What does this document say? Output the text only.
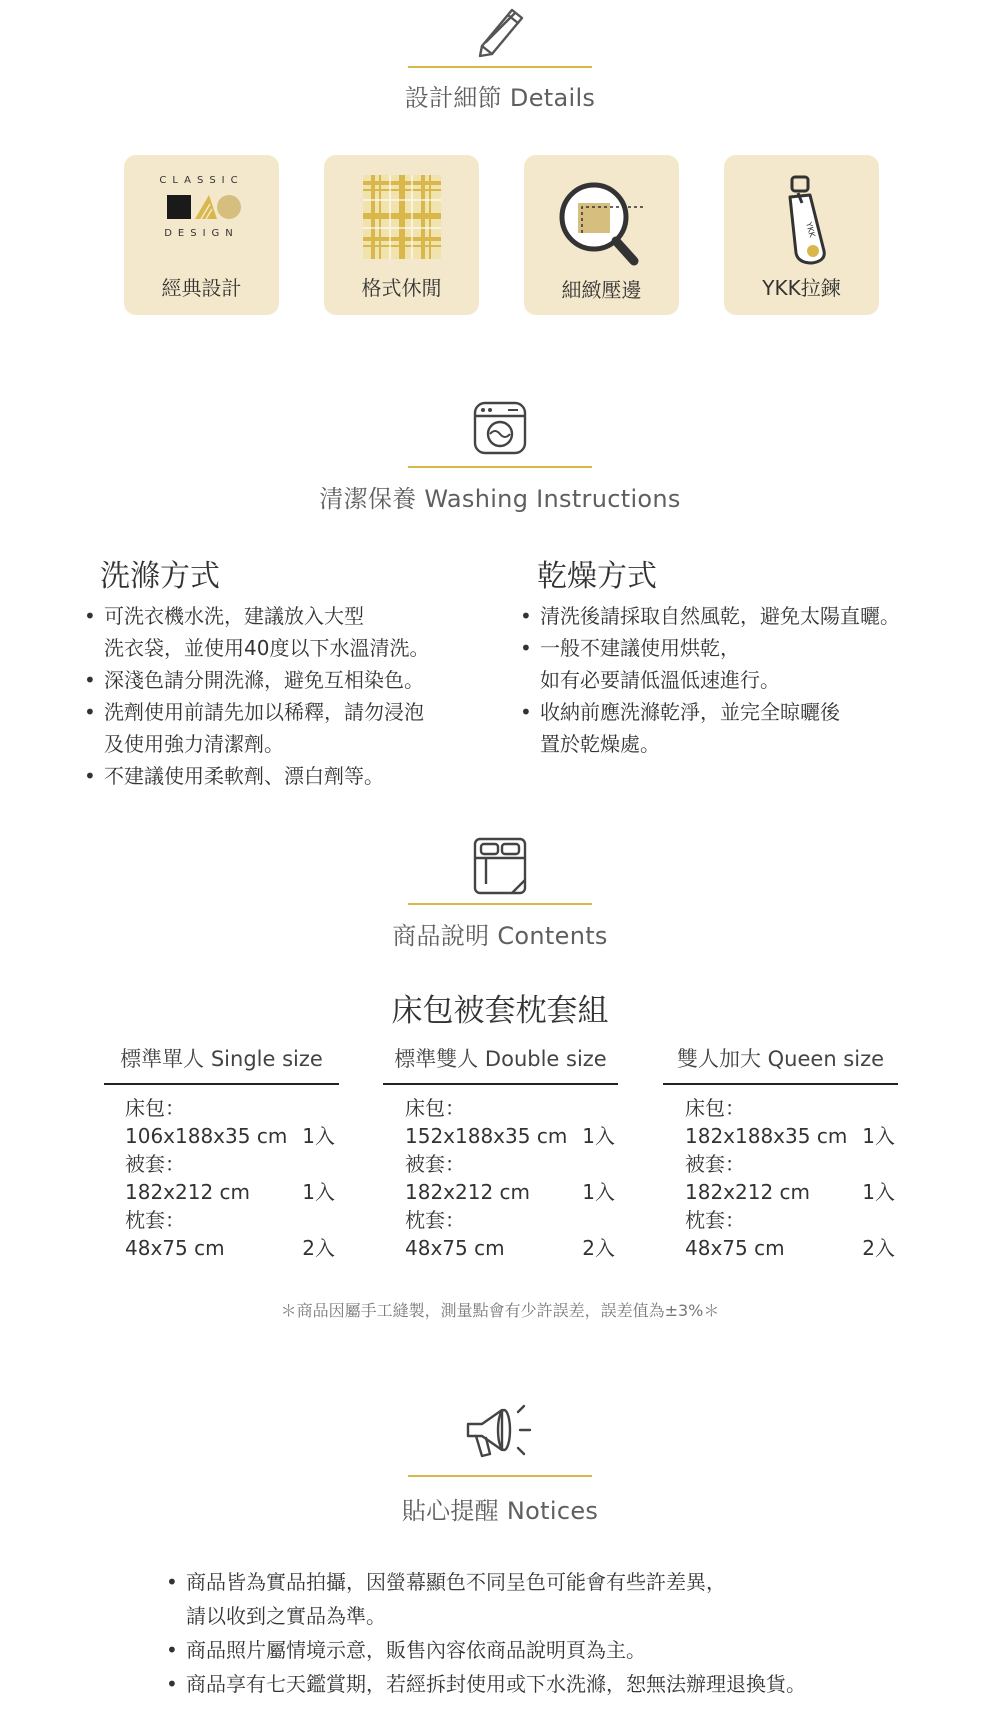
設計細節 Details
CLASSIC
DESIGN
經典設計	格式休閒	細緻壓邊
YKK
YKK拉鍊
清潔保養 Washing Instructions
洗滌方式
• 可洗衣機水洗，建議放入大型
洗衣袋，並使用40度以下水溫清洗。
• 深淺色請分開洗滌，避免互相染色。
• 洗劑使用前請先加以稀釋，請勿浸泡
及使用強力清潔劑。
• 不建議使用柔軟劑、漂白劑等。
乾燥方式
• 清洗後請採取自然風乾，避免太陽直曬。
• 一般不建議使用烘乾，
如有必要請低溫低速進行。
• 收納前應洗滌乾淨，並完全晾曬後
置於乾燥處。
商品說明 Contents
床包被套枕套組
標準單人 Single size
床包：
106x188x35 cm 1入
被套：
182x212 cm	1入
枕套：
48x75 cm	2入
標準雙人 Double size
床包：
152x188x35 cm 1入
被套：
182x212 cm	1入
枕套：
48x75 cm	2入
雙人加大 Queen size
床包：
182x188x35 cm 1入
被套：
182x212 cm	1入
枕套：
48x75 cm	2入
＊商品因屬手工縫製，測量點會有少許誤差，誤差值為±3%＊
貼心提醒 Notices
• 商品皆為實品拍攝，因螢幕顯色不同呈色可能會有些許差異，
請以收到之實品為準。
• 商品照片屬情境示意，販售內容依商品說明頁為主。
• 商品享有七天鑑賞期，若經拆封使用或下水洗滌，恕無法辦理退換貨。
